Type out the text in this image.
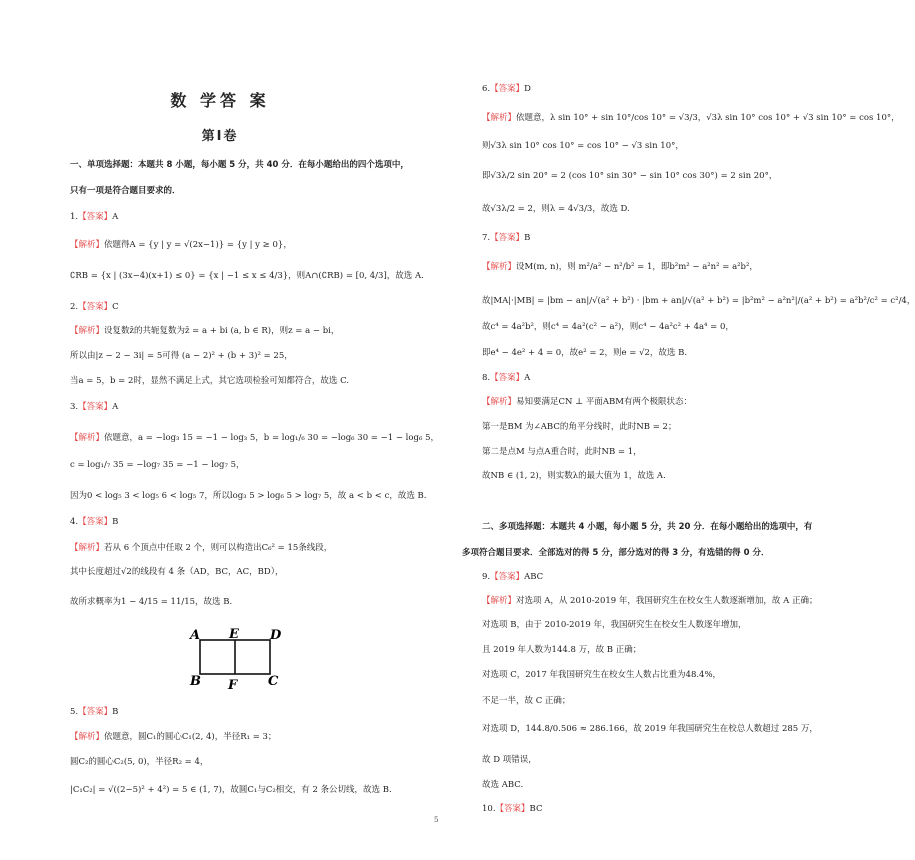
数 学答 案
第Ⅰ卷
一、单项选择题：本题共 8 小题，每小题 5 分，共 40 分．在每小题给出的四个选项中，
只有一项是符合题目要求的．
1.【答案】A
【解析】依题得A = {y | y = √(2x−1)} = {y | y ≥ 0}，
∁RB = {x | (3x−4)(x+1) ≤ 0} = {x | −1 ≤ x ≤ 4/3}，则A∩(∁RB) = [0, 4/3]，故选 A.
2.【答案】C
【解析】设复数z̄的共轭复数为z̄ = a + bi (a, b ∈ R)，则z = a − bi，
所以由|z − 2 − 3i| = 5可得 (a − 2)² + (b + 3)² = 25，
当a = 5，b = 2时，显然不满足上式，其它选项检验可知都符合，故选 C.
3.【答案】A
【解析】依题意，a = −log₃ 15 = −1 − log₃ 5，b = log₁/₆ 30 = −log₆ 30 = −1 − log₆ 5，
c = log₁/₇ 35 = −log₇ 35 = −1 − log₇ 5，
因为0 < log₅ 3 < log₅ 6 < log₅ 7，所以log₃ 5 > log₆ 5 > log₇ 5，故 a < b < c，故选 B.
4.【答案】B
【解析】若从 6 个顶点中任取 2 个，则可以构造出C₆² = 15条线段，
其中长度超过√2的线段有 4 条（AD，BC，AC，BD），
故所求概率为1 − 4/15 = 11/15，故选 B.
5.【答案】B
【解析】依题意，圆C₁的圆心C₁(2, 4)，半径R₁ = 3；
圆C₂的圆心C₂(5, 0)，半径R₂ = 4，
|C₁C₂| = √((2−5)² + 4²) = 5 ∈ (1, 7)，故圆C₁与C₂相交，有 2 条公切线，故选 B.
A E D
B F C
6.【答案】D
【解析】依题意，λ sin 10° + sin 10°/cos 10° = √3/3，√3λ sin 10° cos 10° + √3 sin 10° = cos 10°，
则√3λ sin 10° cos 10° = cos 10° − √3 sin 10°，
即√3λ/2 sin 20° = 2 (cos 10° sin 30° − sin 10° cos 30°) = 2 sin 20°，
故√3λ/2 = 2，则λ = 4√3/3，故选 D.
7.【答案】B
【解析】设M(m, n)，则 m²/a² − n²/b² = 1，即b²m² − a²n² = a²b²，
故|MA|·|MB| = |bm − an|/√(a² + b²) · |bm + an|/√(a² + b²) = |b²m² − a²n²|/(a² + b²) = a²b²/c² = c²/4，
故c⁴ = 4a²b²，则c⁴ = 4a²(c² − a²)，则c⁴ − 4a²c² + 4a⁴ = 0，
即e⁴ − 4e² + 4 = 0，故e² = 2，则e = √2，故选 B.
8.【答案】A
【解析】易知要满足CN ⊥ 平面ABM有两个极限状态：
第一是BM 为∠ABC的角平分线时，此时NB = 2；
第二是点M 与点A重合时，此时NB = 1，
故NB ∈ (1, 2)，则实数λ的最大值为 1，故选 A.
二、多项选择题：本题共 4 小题，每小题 5 分，共 20 分．在每小题给出的选项中，有
多项符合题目要求．全部选对的得 5 分，部分选对的得 3 分，有选错的得 0 分．
9.【答案】ABC
【解析】对选项 A，从 2010-2019 年，我国研究生在校女生人数逐渐增加，故 A 正确；
对选项 B，由于 2010-2019 年，我国研究生在校女生人数逐年增加，
且 2019 年人数为144.8 万，故 B 正确；
对选项 C，2017 年我国研究生在校女生人数占比重为48.4%，
不足一半，故 C 正确；
对选项 D，144.8/0.506 ≈ 286.166，故 2019 年我国研究生在校总人数超过 285 万，
故 D 项错误，
故选 ABC.
10.【答案】BC
5
